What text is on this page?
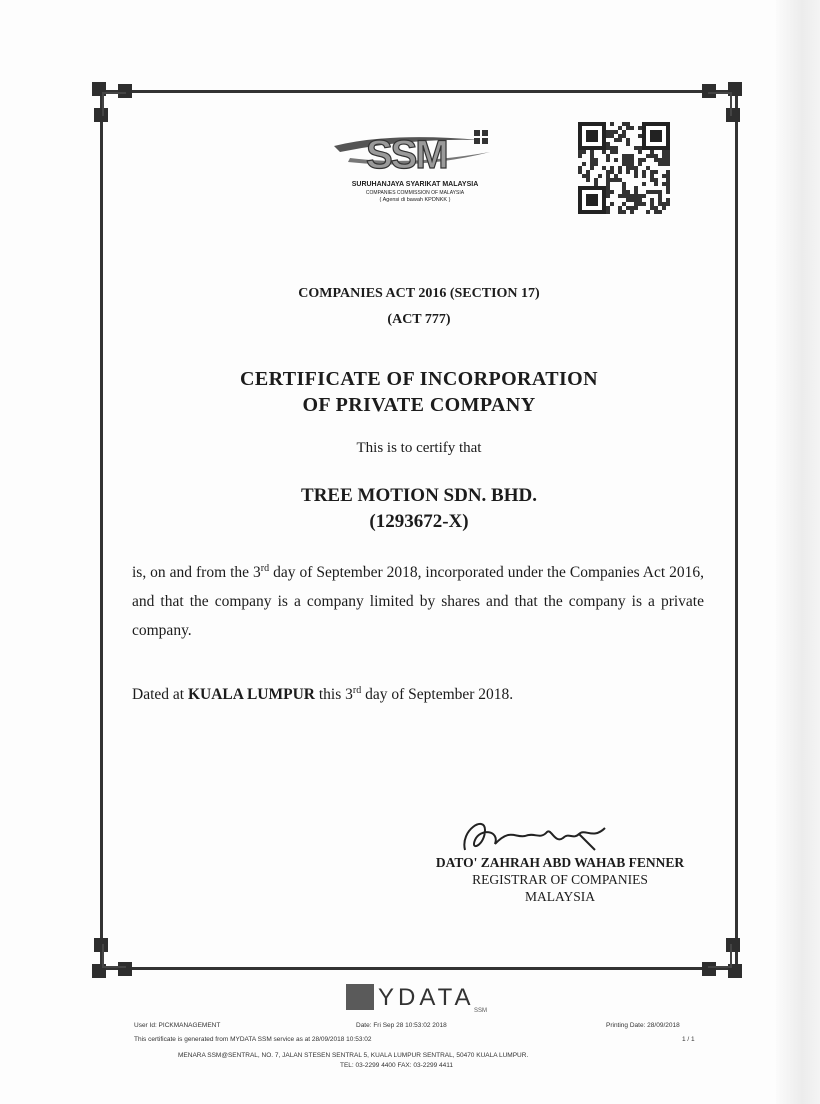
SSM
SURUHANJAYA SYARIKAT MALAYSIA
COMPANIES COMMISSION OF MALAYSIA
( Agensi di bawah KPDNKK )
COMPANIES ACT 2016 (SECTION 17)
(ACT 777)
CERTIFICATE OF INCORPORATION
OF PRIVATE COMPANY
This is to certify that
TREE MOTION SDN. BHD.
(1293672-X)
is, on and from the 3rd day of September 2018, incorporated under the Companies Act 2016, and that the company is a company limited by shares and that the company is a private company.
Dated at KUALA LUMPUR this 3rd day of September 2018.
DATO' ZAHRAH ABD WAHAB FENNER
REGISTRAR OF COMPANIES
MALAYSIA
YDATA SSM
User Id: PICKMANAGEMENT	Date: Fri Sep 28 10:53:02 2018	Printing Date: 28/09/2018
This certificate is generated from MYDATA SSM service as at 28/09/2018 10:53:02	1 / 1
MENARA SSM@SENTRAL, NO. 7, JALAN STESEN SENTRAL 5, KUALA LUMPUR SENTRAL, 50470 KUALA LUMPUR.
TEL: 03-2299 4400 FAX: 03-2299 4411
